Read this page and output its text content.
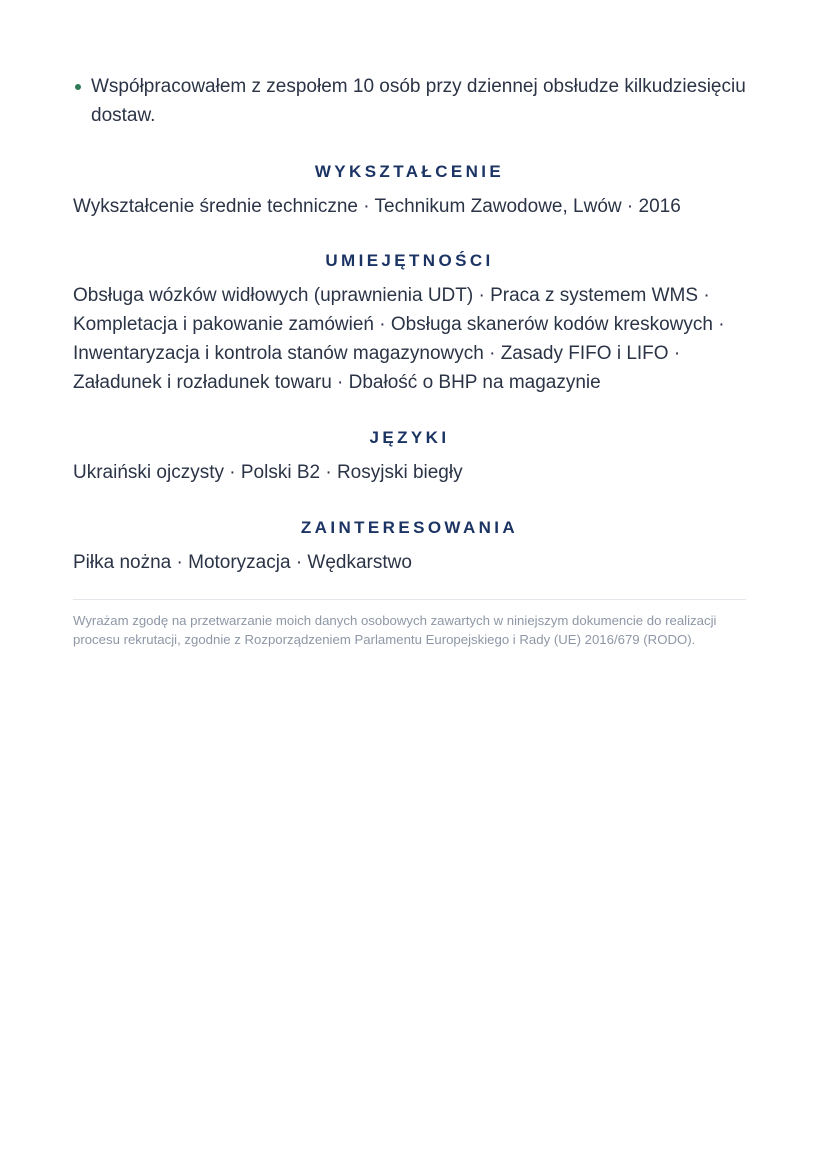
Współpracowałem z zespołem 10 osób przy dziennej obsłudze kilkudziesięciu dostaw.
WYKSZTAŁCENIE

Wykształcenie średnie techniczne · Technikum Zawodowe, Lwów · 2016

UMIEJĘTNOŚCI

Obsługa wózków widłowych (uprawnienia UDT) · Praca z systemem WMS · Kompletacja i pakowanie zamówień · Obsługa skanerów kodów kreskowych · Inwentaryzacja i kontrola stanów magazynowych · Zasady FIFO i LIFO · Załadunek i rozładunek towaru · Dbałość o BHP na magazynie

JĘZYKI

Ukraiński ojczysty · Polski B2 · Rosyjski biegły

ZAINTERESOWANIA

Piłka nożna · Motoryzacja · Wędkarstwo

Wyrażam zgodę na przetwarzanie moich danych osobowych zawartych w niniejszym dokumencie do realizacji procesu rekrutacji, zgodnie z Rozporządzeniem Parlamentu Europejskiego i Rady (UE) 2016/679 (RODO).
